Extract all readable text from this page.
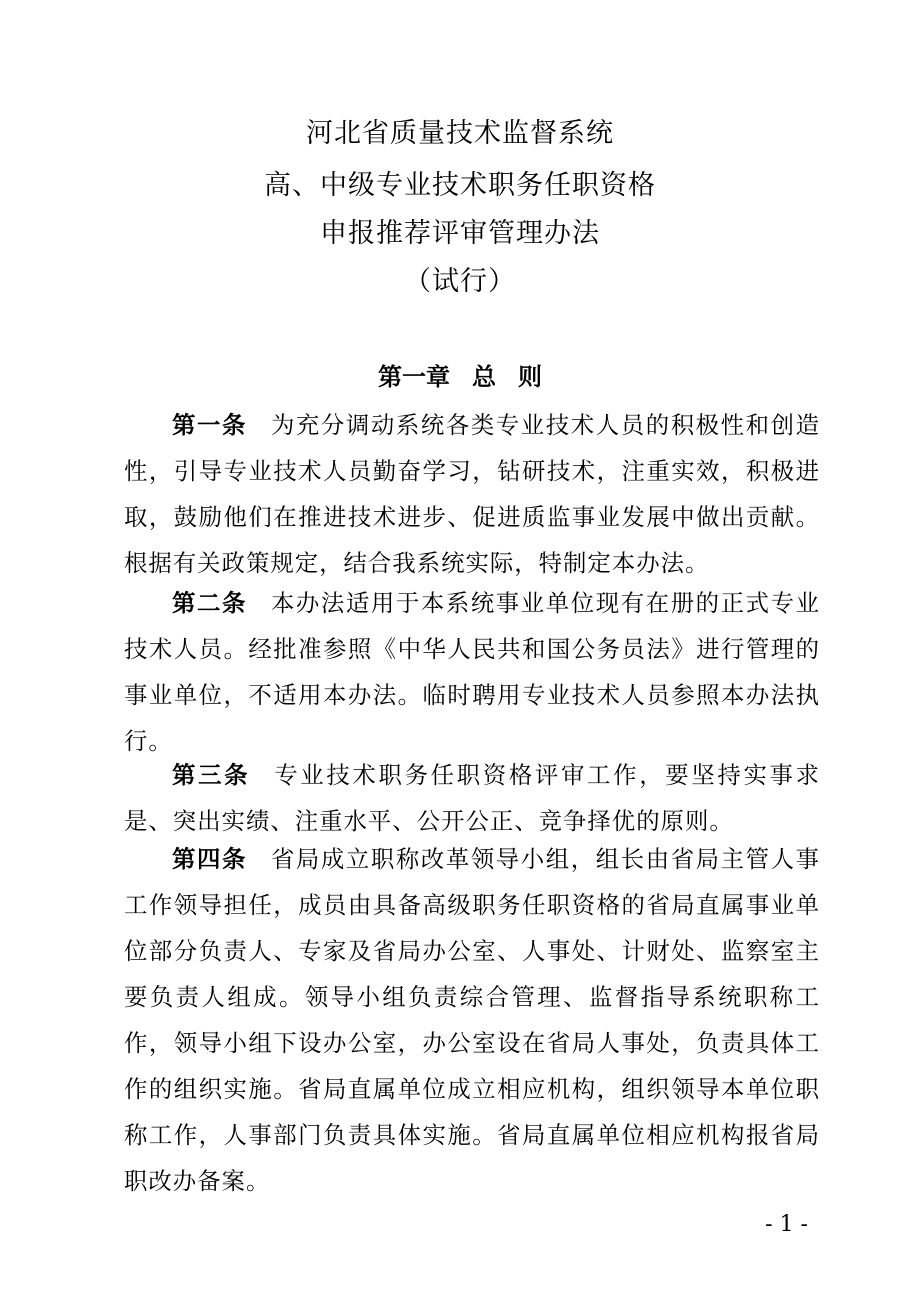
河北省质量技术监督系统
高、中级专业技术职务任职资格
申报推荐评审管理办法
（试行）
第一章 总 则

第一条 为充分调动系统各类专业技术人员的积极性和创造性，引导专业技术人员勤奋学习，钻研技术，注重实效，积极进取，鼓励他们在推进技术进步、促进质监事业发展中做出贡献。根据有关政策规定，结合我系统实际，特制定本办法。

第二条 本办法适用于本系统事业单位现有在册的正式专业技术人员。经批准参照《中华人民共和国公务员法》进行管理的事业单位，不适用本办法。临时聘用专业技术人员参照本办法执行。

第三条 专业技术职务任职资格评审工作，要坚持实事求是、突出实绩、注重水平、公开公正、竞争择优的原则。

第四条 省局成立职称改革领导小组，组长由省局主管人事工作领导担任，成员由具备高级职务任职资格的省局直属事业单位部分负责人、专家及省局办公室、人事处、计财处、监察室主要负责人组成。领导小组负责综合管理、监督指导系统职称工作，领导小组下设办公室，办公室设在省局人事处，负责具体工作的组织实施。省局直属单位成立相应机构，组织领导本单位职称工作，人事部门负责具体实施。省局直属单位相应机构报省局职改办备案。

- 1 -
